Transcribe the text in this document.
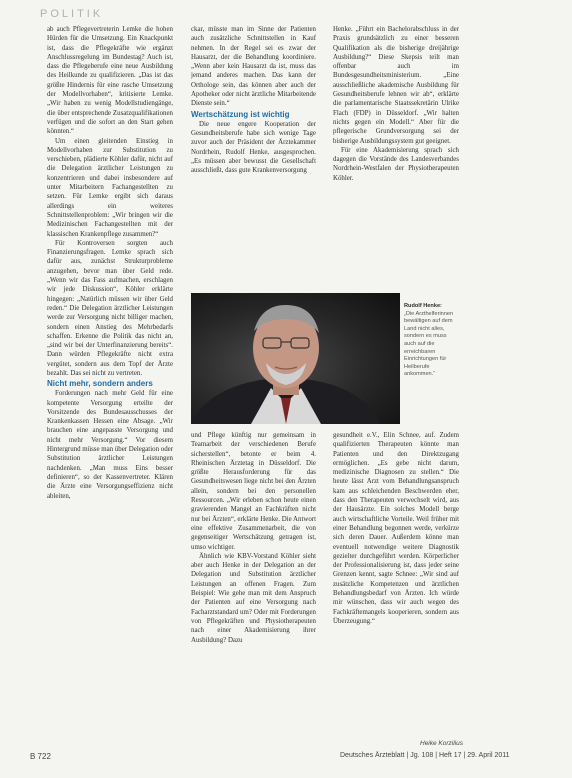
POLITIK

ab auch Pflegevertreterin Lemke die hohen Hürden für die Umsetzung. Ein Knackpunkt ist, dass die Pflegekräfte wie ergänzt Anschlussregelung im Bundestag? Auch ist, dass die Pflegeberufe eine neue Ausbildung des Heilkunde zu qualifizieren. „Das ist das größte Hindernis für eine rasche Umsetzung der Modellvorhaben“, kritisierte Lemke. „Wir haben zu wenig Modellstudiengänge, die über entsprechende Zusatzqualifikationen verfügen und die sofort an den Start gehen könnten.“

Um einen gleitenden Einstieg in Modellvorhaben zur Substitution zu verschieben, plädierte Köhler dafür, nicht auf die Delegation ärztlicher Leistungen zu konzentrieren und dabei insbesondere auf unter Mitarbeitern Fachangestellten zu setzen. Für Lemke ergibt sich daraus allerdings ein weiteres Schnittstellenproblem: „Wir bringen wir die Medizinischen Fachangestellten mit der klassischen Krankenpflege zusammen?“

Für Kontroversen sorgten auch Finanzierungsfragen. Lemke sprach sich dafür aus, zunächst Strukturprobleme anzugehen, bevor man über Geld rede. „Wenn wir das Fass aufmachen, erschlagen wir jede Diskussion“, Köhler erklärte hingegen: „Natürlich müssen wir über Geld reden.“ Die Delegation ärztlicher Leistungen werde zur Versorgung nicht billiger machen, sondern einen Anstieg des Mehrbedarfs schaffen. Erkenne die Politik das nicht an, „sind wir bei der Unterfinanzierung bereits“. Dann würden Pflegekräfte nicht extra vergütet, sondern aus dem Topf der Ärzte bezahlt. Das sei nicht zu vertreten.

Nicht mehr, sondern anders

Forderungen nach mehr Geld für eine kompetente Versorgung erteilte der Vorsitzende des Bundesausschusses der Krankenkassen Hessen eine Absage. „Wir brauchen eine angepasste Versorgung und nicht mehr Versorgung.“ Vor diesem Hintergrund müsse man über Delegation oder Substitution ärztlicher Leistungen nachdenken. „Man muss Eins besser definieren“, so der Kassenvertreter. Klären die Ärzte eine Versorgungseffizienz nicht ableiten,

ckar, müsste man im Sinne der Patienten auch zusätzliche Schnittstellen in Kauf nehmen. In der Regel sei es zwar der Hausarzt, der die Behandlung koordiniere. „Wenn aber kein Hausarzt da ist, muss das jemand anderes machen. Das kann der Orthologe sein, das können aber auch der Apotheker oder nicht ärztliche Mitarbeitende Dienste sein.“

Wertschätzung ist wichtig

Die neue engere Kooperation der Gesundheitsberufe habe sich wenige Tage zuvor auch der Präsident der Ärztekammer Nordrhein, Rudolf Henke, ausgesprochen. „Es müssen aber bewusst die Gesellschaft ausschließt, dass gute Krankenversorgung

Henke. „Führt ein Bachelorabschluss in der Praxis grundsätzlich zu einer besseren Qualifikation als die bisherige dreijährige Ausbildung?“ Diese Skepsis teilt man offenbar auch im Bundesgesundheitsministerium. „Eine ausschließliche akademische Ausbildung für Gesundheitsberufe lehnen wir ab“, erklärte die parlamentarische Staatssekretärin Ulrike Flach (FDP) in Düsseldorf. „Wir halten nichts gegen ein Modell.“ Aber für die pflegerische Grundversorgung sei der bisherige Ausbildungssystem gut geeignet.

Für eine Akademisierung sprach sich dagegen die Vorstände des Landesverbandes Nordrhein-Westfalen der Physiotherapeuten Köhler.

Rudolf Henke:
„Die Arzthelferinnen bewältigen auf dem Land nicht alles, sondern es muss auch auf die erreichbaren Einrichtungen für Heilberufe ankommen.“

und Pflege künftig nur gemeinsam in Teamarbeit der verschiedenen Berufe sicherstellen“, betonte er beim 4. Rheinischen Ärztetag in Düsseldorf. Die größte Herausforderung für das Gesundheitswesen liege nicht bei den Ärzten allein, sondern bei den personellen Ressourcen. „Wir erleben schon heute einen gravierenden Mangel an Fachkräften nicht nur bei Ärzten“, erklärte Henke. Die Antwort eine effektive Zusammenarbeit, die von gegenseitiger Wertschätzung getragen ist, umso wichtiger.

Ähnlich wie KBV-Vorstand Köhler sieht aber auch Henke in der Delegation an der Delegation und Substitution ärztlicher Leistungen an offenen Fragen. Zum Beispiel: Wie gehe man mit dem Anspruch der Patienten auf eine Versorgung nach Facharztstandard um? Oder mit Forderungen von Pflegekräften und Physiotherapeuten nach einer Akademisierung ihrer Ausbildung? Dazu

gesundheit e.V., Elin Schnee, auf. Zudem qualifizierten Therapeuten könnte man Patienten und den Direktzugang ermöglichen. „Es gebe nicht darum, medizinische Diagnosen zu stellen.“ Die heute lässt Arzt vom Behandlungsanspruch kam aus schleichenden Beschwerden eher, dass den Therapeuten verwechselt wird, aus der Hausärzte. Ein solches Modell berge auch wirtschaftliche Vorteile. Weil früher mit einer Behandlung begonnen werde, verkürze sich deren Dauer. Außerdem könne man eventuell notwendige weitere Diagnostik gezielter durchgeführt werden. Körperlicher der Professionalisierung ist, dass jeder seine Grenzen kennt, sagte Schnee: „Wir sind auf zusätzliche Kompetenzen und ärztlichen Behandlungsbedarf von Ärzten. Ich würde mir wünschen, dass wir auch wegen des Fachkräftemangels kooperieren, sondern aus Überzeugung.“

Heike Korzilius
B 722	Deutsches Ärzteblatt | Jg. 108 | Heft 17 | 29. April 2011
